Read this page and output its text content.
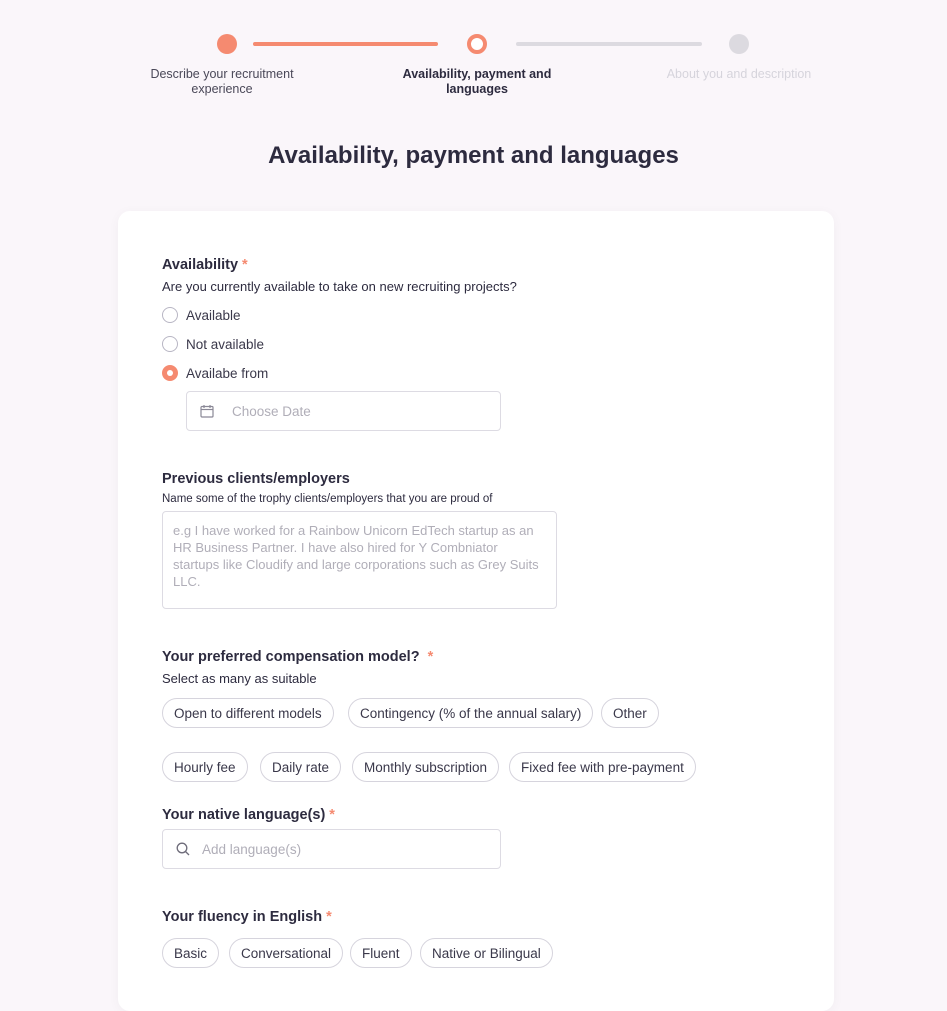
Describe your recruitment experience
Availability, payment and languages
About you and description
Availability, payment and languages
Availability *
Are you currently available to take on new recruiting projects?
Available
Not available
Availabe from
Choose Date
Previous clients/employers
Name some of the trophy clients/employers that you are proud of
e.g I have worked for a Rainbow Unicorn EdTech startup as an HR Business Partner. I have also hired for Y Combniator startups like Cloudify and large corporations such as Grey Suits LLC.
Your preferred compensation model? *
Select as many as suitable
Open to different models	Contingency (% of the annual salary)	Other
Hourly fee	Daily rate	Monthly subscription	Fixed fee with pre-payment
Your native language(s) *
Add language(s)
Your fluency in English *
Basic	Conversational	Fluent	Native or Bilingual
